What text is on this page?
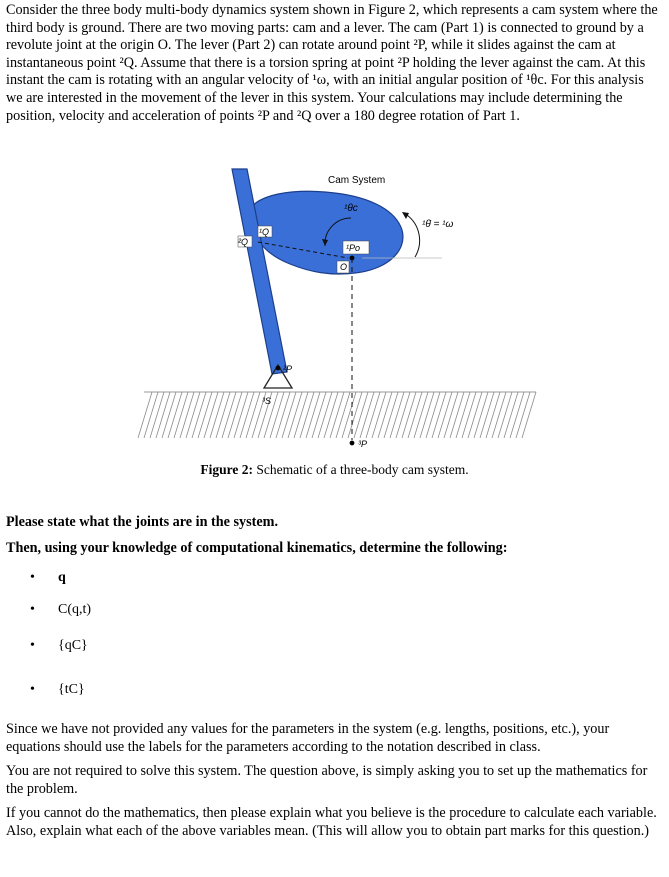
Consider the three body multi-body dynamics system shown in Figure 2, which represents a cam system where the third body is ground. There are two moving parts: cam and a lever. The cam (Part 1) is connected to ground by a revolute joint at the origin O. The lever (Part 2) can rotate around point ²P, while it slides against the cam at instantaneous point ²Q. Assume that there is a torsion spring at point ²P holding the lever against the cam. At this instant the cam is rotating with an angular velocity of ¹ω, with an initial angular position of ¹θc. For this analysis we are interested in the movement of the lever in this system. Your calculations may include determining the position, velocity and acceleration of points ²P and ²Q over a 180 degree rotation of Part 1.
Cam System
¹θc
¹θ̇ = ¹ω
¹Q
²Q
¹Po
O
²P
³S
³P
Figure 2: Schematic of a three-body cam system.
Please state what the joints are in the system.
Then, using your knowledge of computational kinematics, determine the following:
• q
• C(q,t)
• {qC}
• {tC}
Since we have not provided any values for the parameters in the system (e.g. lengths, positions, etc.), your equations should use the labels for the parameters according to the notation described in class.
You are not required to solve this system. The question above, is simply asking you to set up the mathematics for the problem.
If you cannot do the mathematics, then please explain what you believe is the procedure to calculate each variable. Also, explain what each of the above variables mean. (This will allow you to obtain part marks for this question.)
